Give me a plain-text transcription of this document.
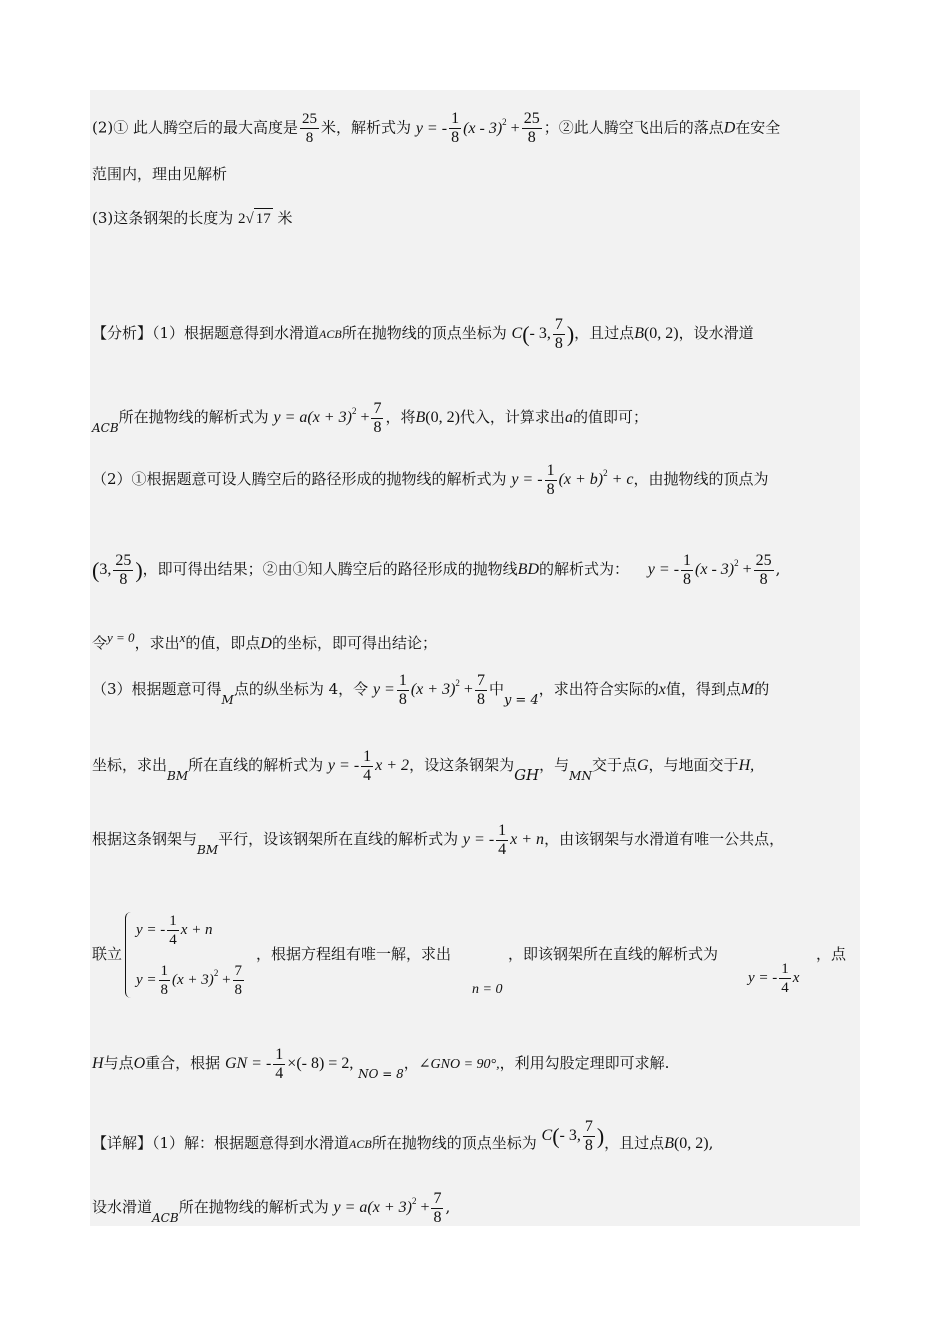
(2)① 此人腾空后的最大高度是 $\frac{25}{8}$ 米，解析式为 y = - $\frac{1}{8} (x - 3)^2 + \frac{25}{8}$ ；②此人腾空飞出后的落点D在安全
范围内，理由见解析
(3)这条钢架的长度为 2√ 17 米
【分析】（1）根据题意得到水滑道ACB所在抛物线的顶点坐标为 C(- 3, $\frac{7}{8}$ )，且过点B(0, 2)，设水滑道
$_{ACB}$所在抛物线的解析式为 $y = a(x + 3)^2 + \frac{7}{8}$ ，将B(0, 2)代入，计算求出a的值即可；
（2）①根据题意可设人腾空后的路径形成的抛物线的解析式为 y = - $\frac{1}{8} (x + b)^2 + c$，由抛物线的顶点为
(3, $\frac{25}{8}$ )，即可得出结果；②由①知人腾空后的路径形成的抛物线BD的解析式为： y = - $\frac{1}{8} (x - 3)^2 + \frac{25}{8}$ ,
令y = 0，求出x的值，即点D的坐标，即可得出结论；
（3）根据题意可得$_M$点的纵坐标为 4，令 $y = \frac{1}{8} (x + 3)^2 + \frac{7}{8}$ 中y = 4，求出符合实际的x值，得到点M的
坐标，求出$_{BM}$所在直线的解析式为 y = - $\frac{1}{4}$ x + 2，设这条钢架为GH，与$_{MN}$交于点G，与地面交于H,
根据这条钢架与$_{BM}$平行，设该钢架所在直线的解析式为 y = - $\frac{1}{4}$ x + n，由该钢架与水滑道有唯一公共点，
联立
y = - $\frac{1}{4}$ x + n
$y = \frac{1}{8} (x + 3)^2 + \frac{7}{8}$
，根据方程组有唯一解，求出
n = 0
，即该钢架所在直线的解析式为
y = - $\frac{1}{4}$ x
，点
H与点O重合，根据 GN = - $\frac{1}{4}$ ×(- 8) = 2, $_{NO = 8}$，∠GNO = 90°,，利用勾股定理即可求解.
【详解】（1）解：根据题意得到水滑道ACB所在抛物线的顶点坐标为 C(- 3, $\frac{7}{8}$ )，且过点B(0, 2),
设水滑道$_{ACB}$所在抛物线的解析式为 $y = a(x + 3)^2 + \frac{7}{8}$ ,
